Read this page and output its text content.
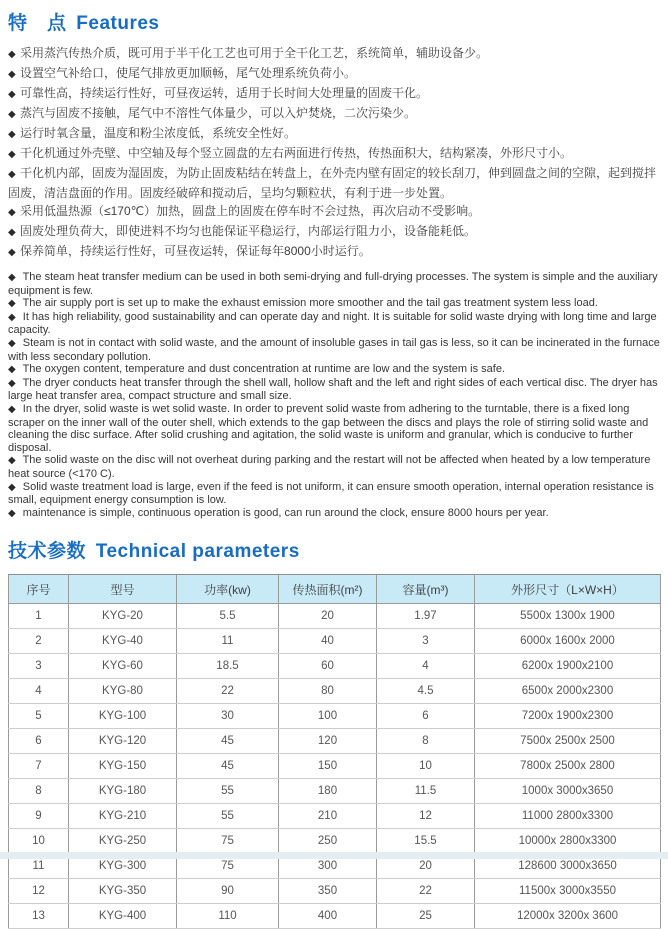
特　点 Features
◆ 采用蒸汽传热介质，既可用于半干化工艺也可用于全干化工艺，系统简单，辅助设备少。
◆ 设置空气补给口，使尾气排放更加顺畅，尾气处理系统负荷小。
◆ 可靠性高，持续运行性好，可昼夜运转，适用于长时间大处理量的固废干化。
◆ 蒸汽与固废不接触，尾气中不溶性气体量少，可以入炉焚烧，二次污染少。
◆ 运行时氧含量，温度和粉尘浓度低，系统安全性好。
◆ 干化机通过外壳壁、中空轴及每个竖立圆盘的左右两面进行传热，传热面积大，结构紧凑，外形尺寸小。
◆ 干化机内部，固废为湿固废，为防止固废粘结在转盘上，在外壳内壁有固定的较长刮刀，伸到圆盘之间的空隙，起到搅拌固废，清洁盘面的作用。固废经破碎和搅动后，呈均匀颗粒状，有利于进一步处置。
◆ 采用低温热源（≤170℃）加热，圆盘上的固废在停车时不会过热，再次启动不受影响。
◆ 固废处理负荷大，即使进料不均匀也能保证平稳运行，内部运行阻力小，设备能耗低。
◆ 保养简单，持续运行性好，可昼夜运转，保证每年8000小时运行。
◆ The steam heat transfer medium can be used in both semi-drying and full-drying processes. The system is simple and the auxiliary equipment is few.
◆ The air supply port is set up to make the exhaust emission more smoother and the tail gas treatment system less load.
◆ It has high reliability, good sustainability and can operate day and night. It is suitable for solid waste drying with long time and large capacity.
◆ Steam is not in contact with solid waste, and the amount of insoluble gases in tail gas is less, so it can be incinerated in the furnace with less secondary pollution.
◆ The oxygen content, temperature and dust concentration at runtime are low and the system is safe.
◆ The dryer conducts heat transfer through the shell wall, hollow shaft and the left and right sides of each vertical disc. The dryer has large heat transfer area, compact structure and small size.
◆ In the dryer, solid waste is wet solid waste. In order to prevent solid waste from adhering to the turntable, there is a fixed long scraper on the inner wall of the outer shell, which extends to the gap between the discs and plays the role of stirring solid waste and cleaning the disc surface. After solid crushing and agitation, the solid waste is uniform and granular, which is conducive to further disposal.
◆ The solid waste on the disc will not overheat during parking and the restart will not be affected when heated by a low temperature heat source (<170 C).
◆ Solid waste treatment load is large, even if the feed is not uniform, it can ensure smooth operation, internal operation resistance is small, equipment energy consumption is low.
◆ maintenance is simple, continuous operation is good, can run around the clock, ensure 8000 hours per year.
技术参数 Technical parameters
序号	型号	功率(kw)	传热面积(m²)	容量(m³)	外形尺寸（L×W×H）
1	KYG-20	5.5	20	1.97	5500x 1300x 1900
2	KYG-40	11	40	3	6000x 1600x 2000
3	KYG-60	18.5	60	4	6200x 1900x2100
4	KYG-80	22	80	4.5	6500x 2000x2300
5	KYG-100	30	100	6	7200x 1900x2300
6	KYG-120	45	120	8	7500x 2500x 2500
7	KYG-150	45	150	10	7800x 2500x 2800
8	KYG-180	55	180	11.5	1000x 3000x3650
9	KYG-210	55	210	12	11000 2800x3300
10	KYG-250	75	250	15.5	10000x 2800x3300
11	KYG-300	75	300	20	128600 3000x3650
12	KYG-350	90	350	22	11500x 3000x3550
13	KYG-400	110	400	25	12000x 3200x 3600
